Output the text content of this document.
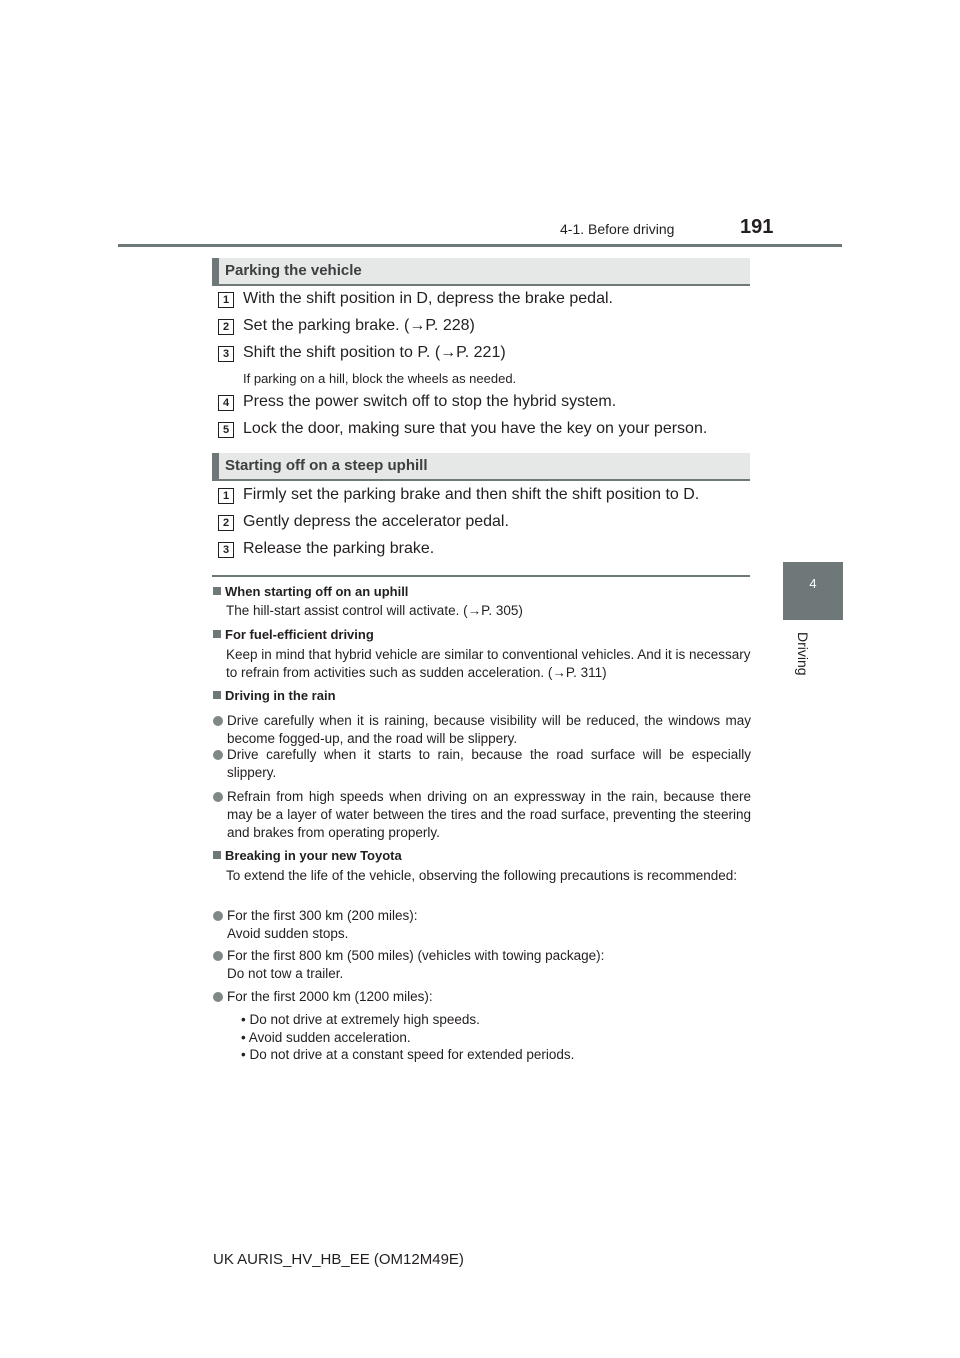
4-1. Before driving	191
4
Driving
Parking the vehicle
1 With the shift position in D, depress the brake pedal.
2 Set the parking brake. (→P. 228)
3 Shift the shift position to P. (→P. 221)
If parking on a hill, block the wheels as needed.
4 Press the power switch off to stop the hybrid system.
5 Lock the door, making sure that you have the key on your person.
Starting off on a steep uphill
1 Firmly set the parking brake and then shift the shift position to D.
2 Gently depress the accelerator pedal.
3 Release the parking brake.
When starting off on an uphill
The hill-start assist control will activate. (→P. 305)
For fuel-efficient driving
Keep in mind that hybrid vehicle are similar to conventional vehicles. And it is necessary to refrain from activities such as sudden acceleration. (→P. 311)
Driving in the rain
Drive carefully when it is raining, because visibility will be reduced, the windows may become fogged-up, and the road will be slippery.
Drive carefully when it starts to rain, because the road surface will be especially slippery.
Refrain from high speeds when driving on an expressway in the rain, because there may be a layer of water between the tires and the road surface, preventing the steering and brakes from operating properly.
Breaking in your new Toyota
To extend the life of the vehicle, observing the following precautions is recommended:
For the first 300 km (200 miles):
Avoid sudden stops.
For the first 800 km (500 miles) (vehicles with towing package):
Do not tow a trailer.
For the first 2000 km (1200 miles):
• Do not drive at extremely high speeds.
• Avoid sudden acceleration.
• Do not drive at a constant speed for extended periods.
UK AURIS_HV_HB_EE (OM12M49E)
